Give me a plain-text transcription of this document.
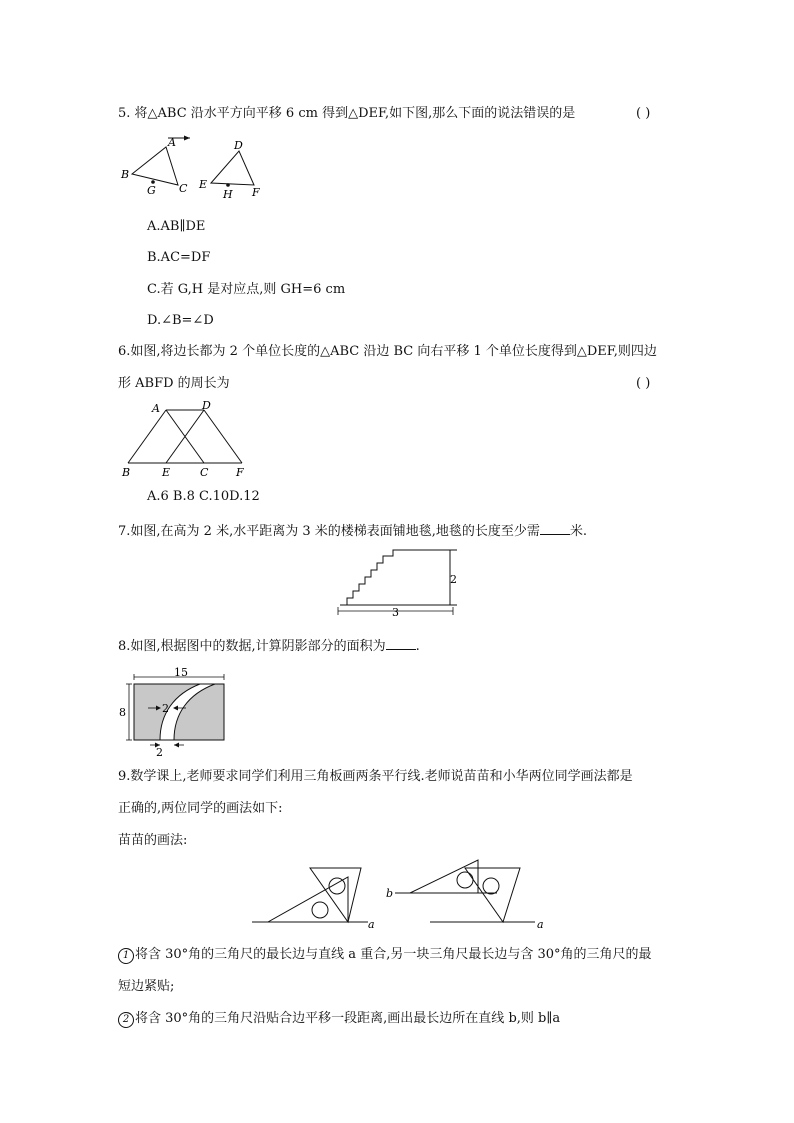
5. 将△ABC 沿水平方向平移 6 cm 得到△DEF,如下图,那么下面的说法错误的是	( )
A
B
G C
D
E
H F
A.AB∥DE
B.AC=DF
C.若 G,H 是对应点,则 GH=6 cm
D.∠B=∠D
6.如图,将边长都为 2 个单位长度的△ABC 沿边 BC 向右平移 1 个单位长度得到△DEF,则四边
形 ABFD 的周长为	( )
A	D
B	E	C	F
A.6 B.8 C.10D.12
7.如图,在高为 2 米,水平距离为 3 米的楼梯表面铺地毯,地毯的长度至少需 米.
2
3
8.如图,根据图中的数据,计算阴影部分的面积为 .
15
8	2
2
9.数学课上,老师要求同学们利用三角板画两条平行线.老师说苗苗和小华两位同学画法都是
正确的,两位同学的画法如下:
苗苗的画法:
a
b
a
1 将含 30°角的三角尺的最长边与直线 a 重合,另一块三角尺最长边与含 30°角的三角尺的最
短边紧贴;
2 将含 30°角的三角尺沿贴合边平移一段距离,画出最长边所在直线 b,则 b∥a
